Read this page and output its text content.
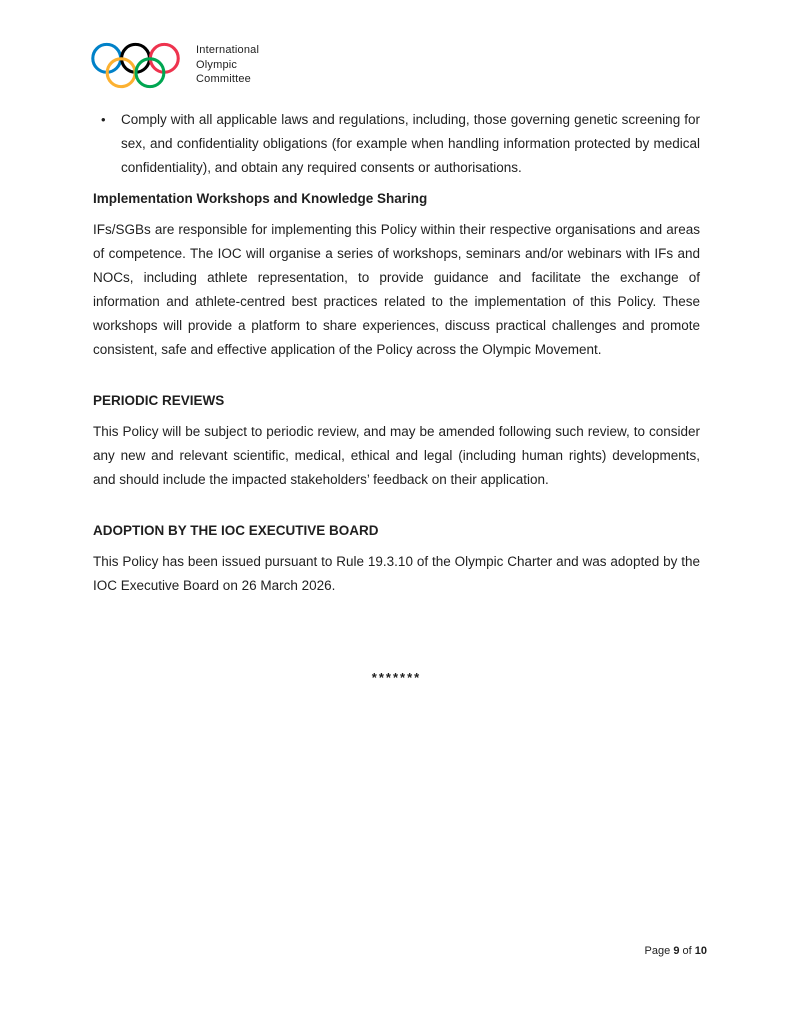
International
Olympic
Committee
•	Comply with all applicable laws and regulations, including, those governing genetic screening for sex, and confidentiality obligations (for example when handling information protected by medical confidentiality), and obtain any required consents or authorisations.
Implementation Workshops and Knowledge Sharing

IFs/SGBs are responsible for implementing this Policy within their respective organisations and areas of competence. The IOC will organise a series of workshops, seminars and/or webinars with IFs and NOCs, including athlete representation, to provide guidance and facilitate the exchange of information and athlete-centred best practices related to the implementation of this Policy. These workshops will provide a platform to share experiences, discuss practical challenges and promote consistent, safe and effective application of the Policy across the Olympic Movement.

PERIODIC REVIEWS

This Policy will be subject to periodic review, and may be amended following such review, to consider any new and relevant scientific, medical, ethical and legal (including human rights) developments, and should include the impacted stakeholders’ feedback on their application.

ADOPTION BY THE IOC EXECUTIVE BOARD

This Policy has been issued pursuant to Rule 19.3.10 of the Olympic Charter and was adopted by the IOC Executive Board on 26 March 2026.

*******
Page 9 of 10
